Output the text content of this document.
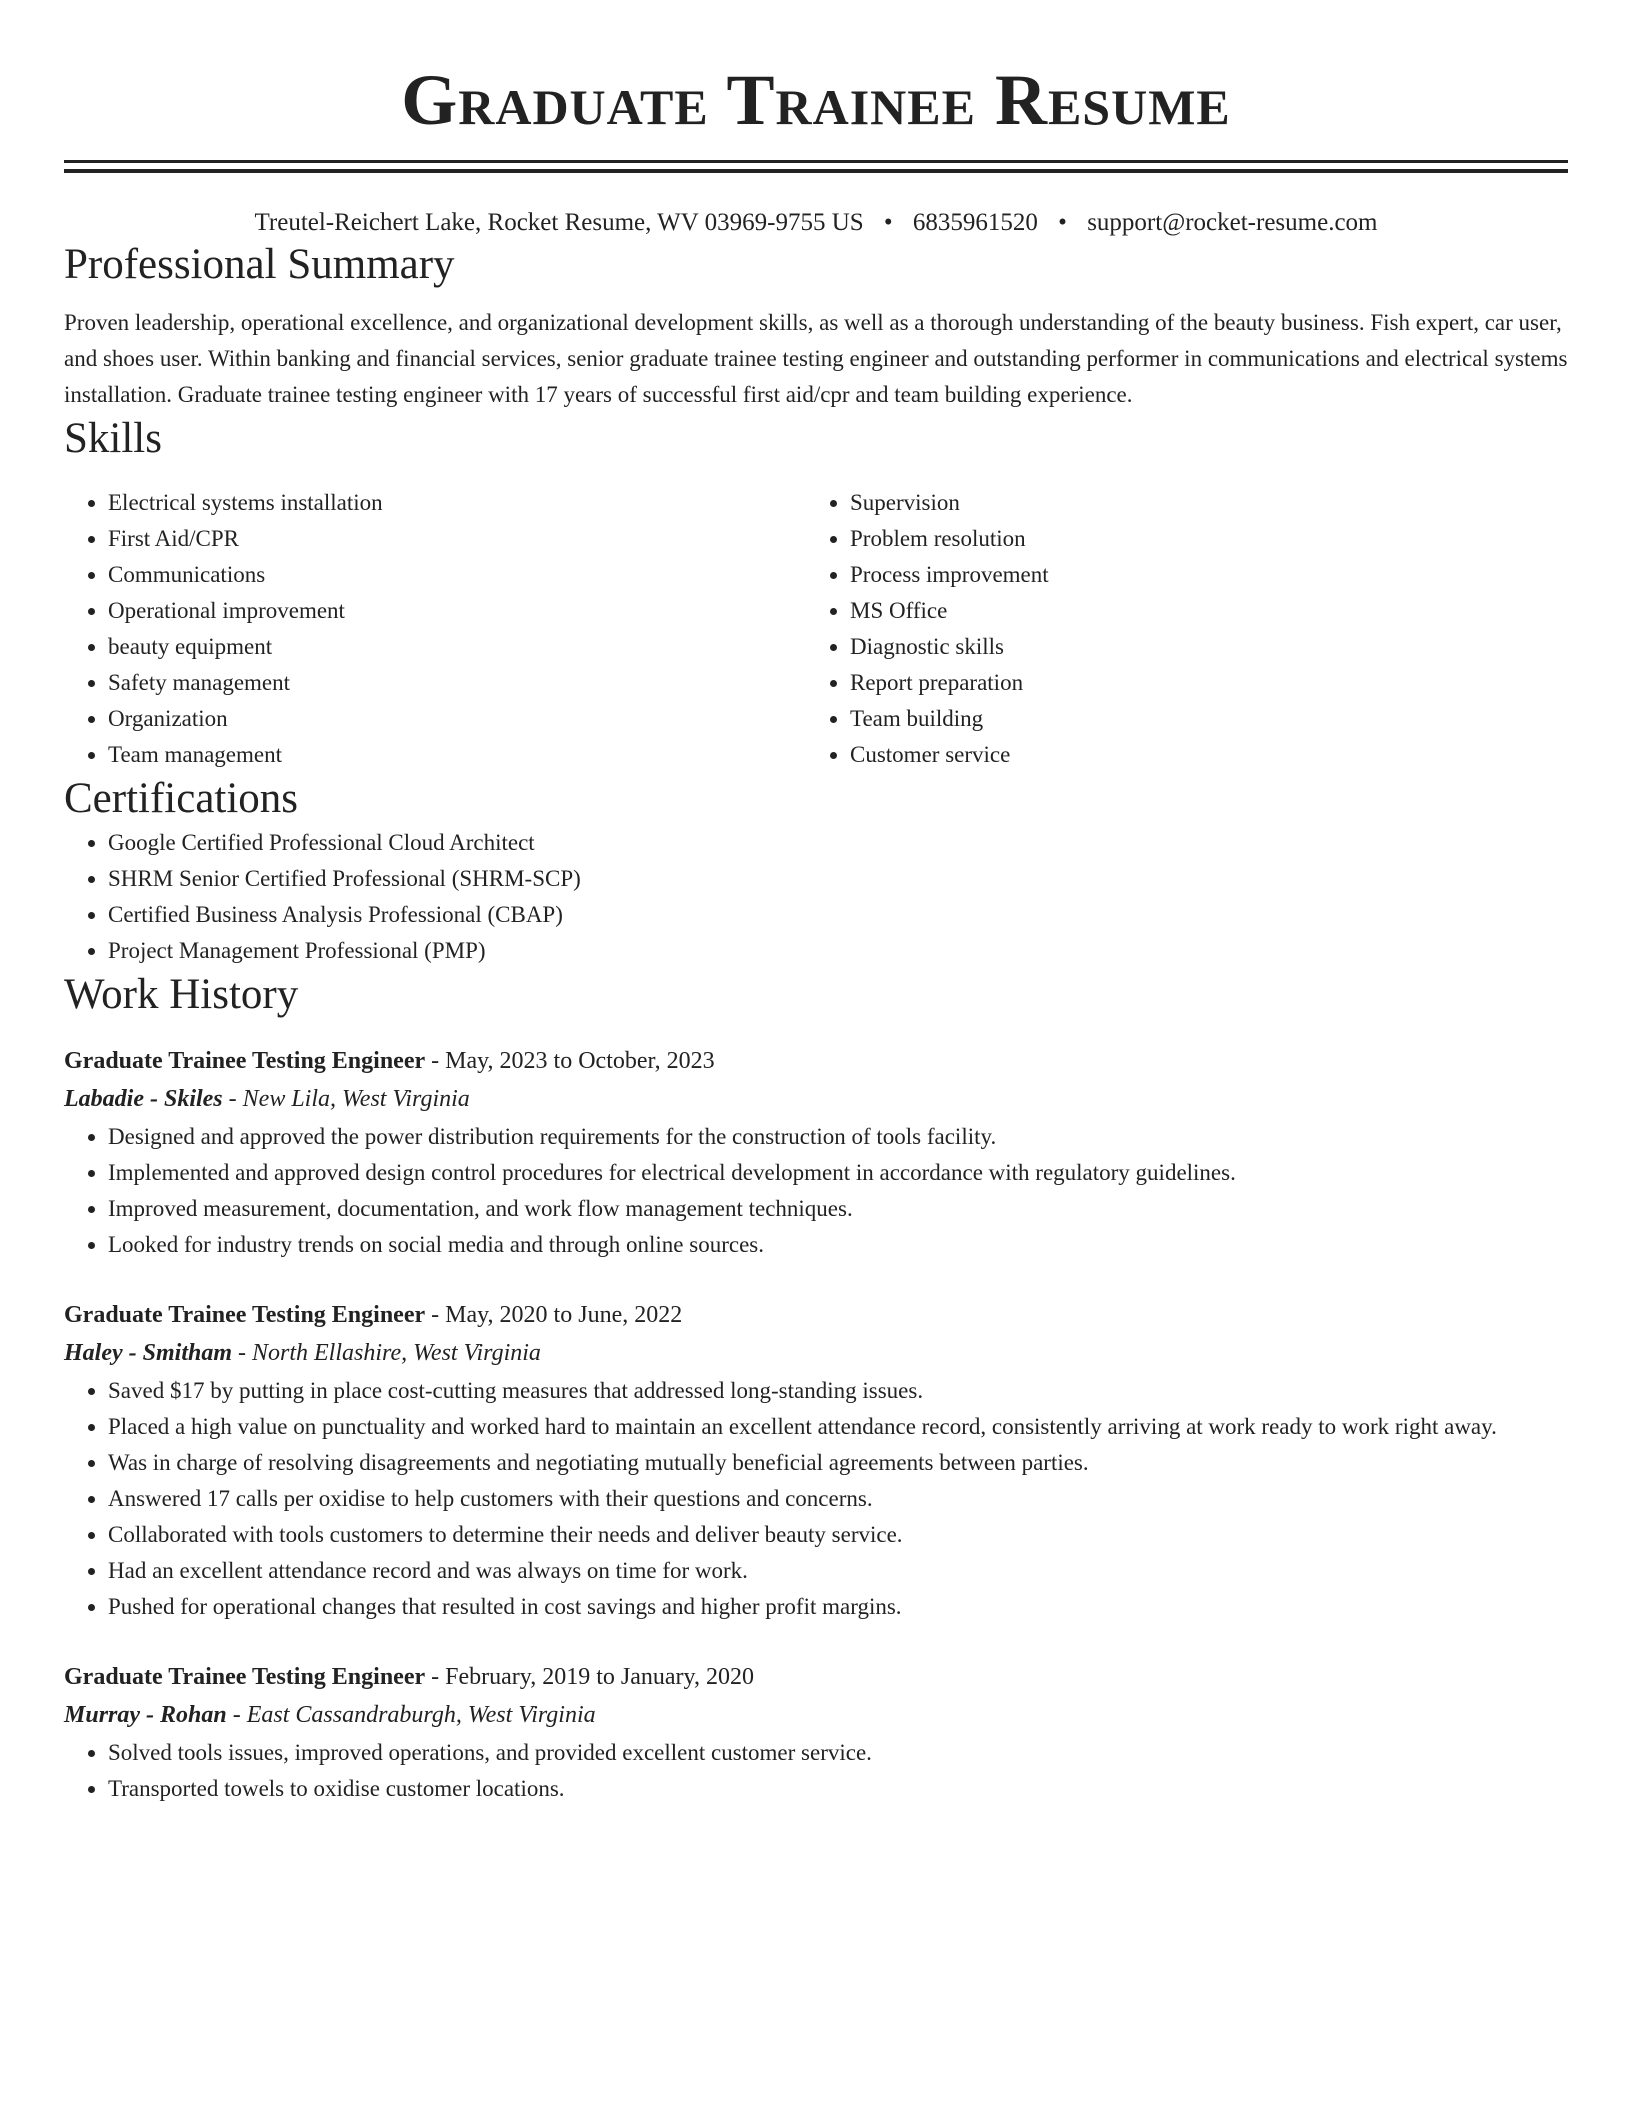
Graduate Trainee Resume
Treutel-Reichert Lake, Rocket Resume, WV 03969-9755 US • 6835961520 • support@rocket-resume.com
Professional Summary

Proven leadership, operational excellence, and organizational development skills, as well as a thorough understanding of the beauty business. Fish expert, car user, and shoes user. Within banking and financial services, senior graduate trainee testing engineer and outstanding performer in communications and electrical systems installation. Graduate trainee testing engineer with 17 years of successful first aid/cpr and team building experience.

Skills
• Electrical systems installation
• First Aid/CPR
• Communications
• Operational improvement
• beauty equipment
• Safety management
• Organization
• Team management
• Supervision
• Problem resolution
• Process improvement
• MS Office
• Diagnostic skills
• Report preparation
• Team building
• Customer service
Certifications
• Google Certified Professional Cloud Architect
• SHRM Senior Certified Professional (SHRM-SCP)
• Certified Business Analysis Professional (CBAP)
• Project Management Professional (PMP)
Work History
Graduate Trainee Testing Engineer - May, 2023 to October, 2023
Labadie - Skiles - New Lila, West Virginia
• Designed and approved the power distribution requirements for the construction of tools facility.
• Implemented and approved design control procedures for electrical development in accordance with regulatory guidelines.
• Improved measurement, documentation, and work flow management techniques.
• Looked for industry trends on social media and through online sources.
Graduate Trainee Testing Engineer - May, 2020 to June, 2022
Haley - Smitham - North Ellashire, West Virginia
• Saved $17 by putting in place cost-cutting measures that addressed long-standing issues.
• Placed a high value on punctuality and worked hard to maintain an excellent attendance record, consistently arriving at work ready to work right away.
• Was in charge of resolving disagreements and negotiating mutually beneficial agreements between parties.
• Answered 17 calls per oxidise to help customers with their questions and concerns.
• Collaborated with tools customers to determine their needs and deliver beauty service.
• Had an excellent attendance record and was always on time for work.
• Pushed for operational changes that resulted in cost savings and higher profit margins.
Graduate Trainee Testing Engineer - February, 2019 to January, 2020
Murray - Rohan - East Cassandraburgh, West Virginia
• Solved tools issues, improved operations, and provided excellent customer service.
• Transported towels to oxidise customer locations.
